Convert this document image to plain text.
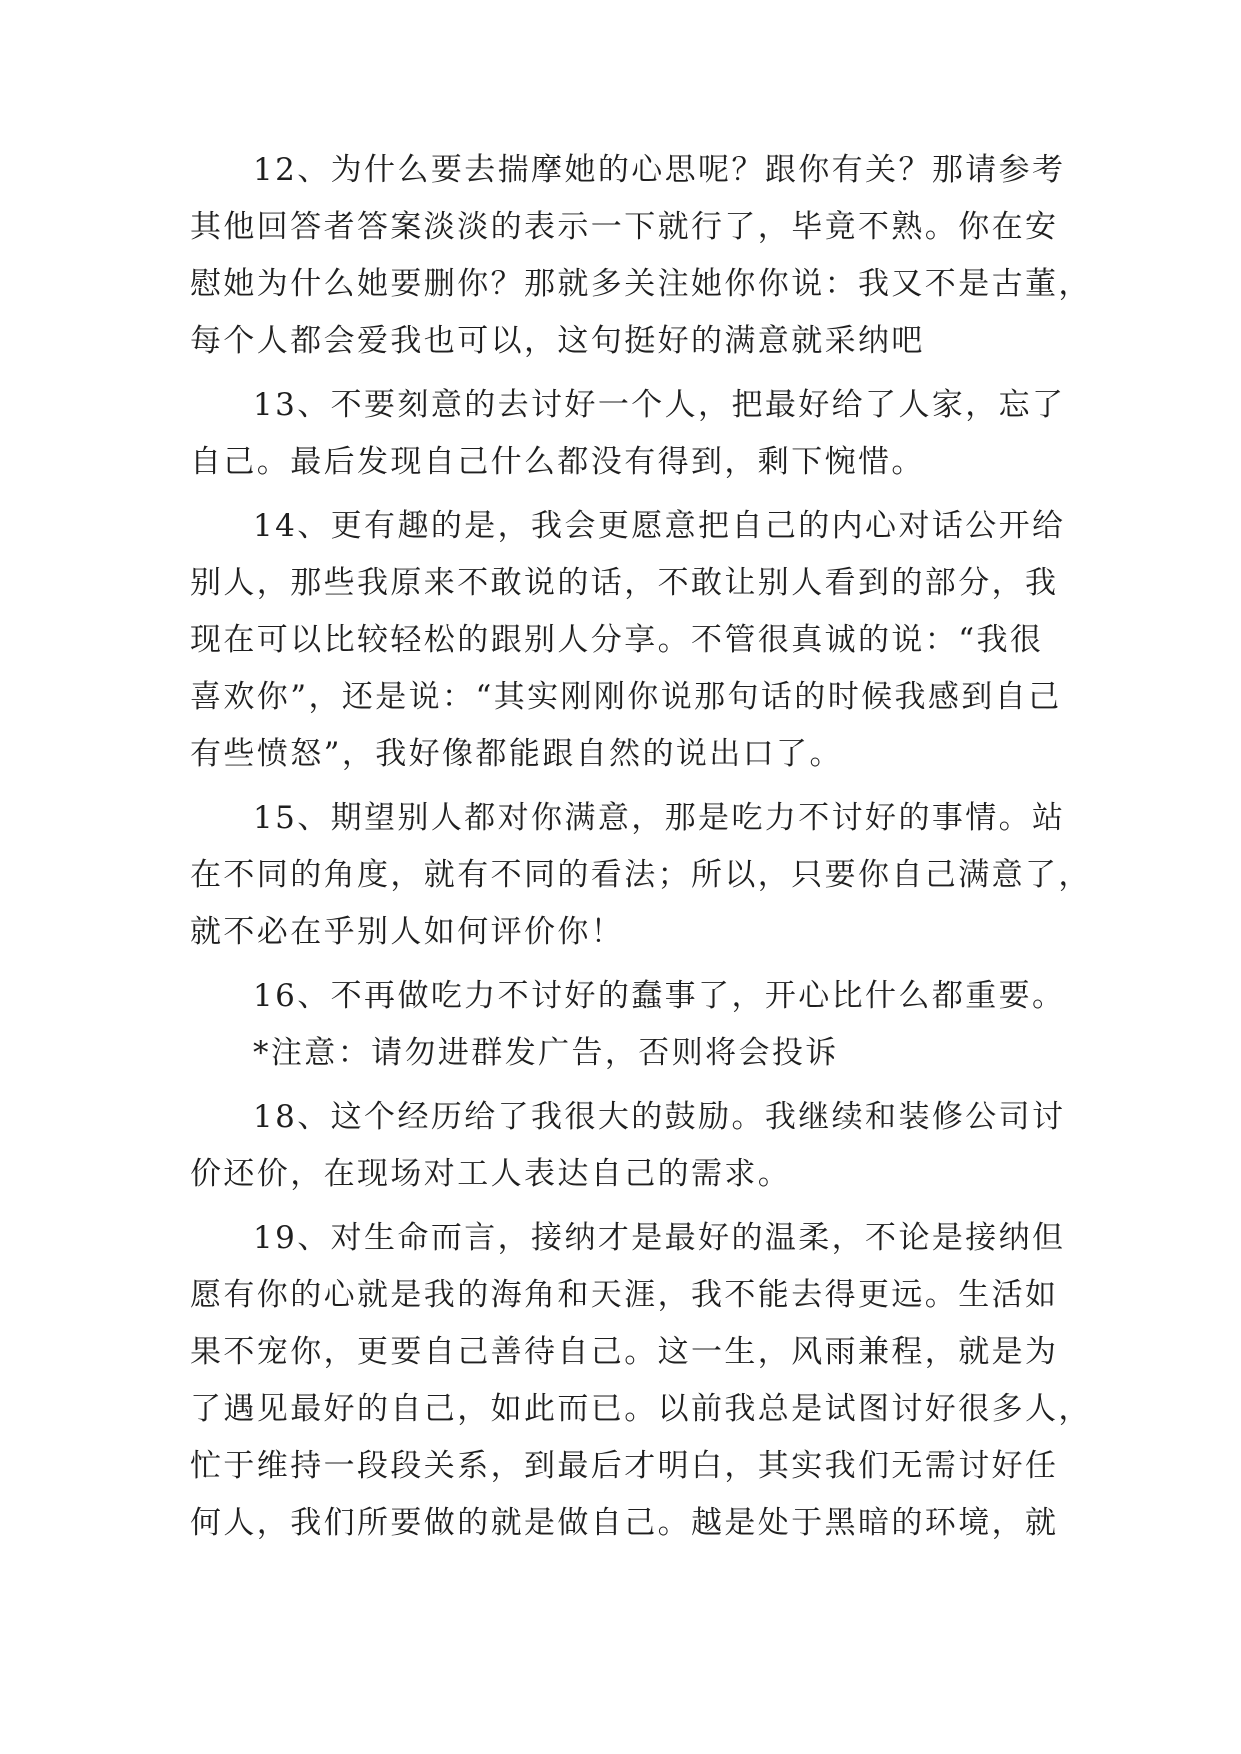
12、为什么要去揣摩她的心思呢？跟你有关？那请参考
其他回答者答案淡淡的表示一下就行了，毕竟不熟。你在安
慰她为什么她要删你？那就多关注她你你说：我又不是古董，
每个人都会爱我也可以，这句挺好的满意就采纳吧
13、不要刻意的去讨好一个人，把最好给了人家，忘了
自己。最后发现自己什么都没有得到，剩下惋惜。
14、更有趣的是，我会更愿意把自己的内心对话公开给
别人，那些我原来不敢说的话，不敢让别人看到的部分，我
现在可以比较轻松的跟别人分享。不管很真诚的说：“我很
喜欢你”，还是说：“其实刚刚你说那句话的时候我感到自己
有些愤怒”，我好像都能跟自然的说出口了。
15、期望别人都对你满意，那是吃力不讨好的事情。站
在不同的角度，就有不同的看法；所以，只要你自己满意了，
就不必在乎别人如何评价你！
16、不再做吃力不讨好的蠢事了，开心比什么都重要。
*注意：请勿进群发广告，否则将会投诉
18、这个经历给了我很大的鼓励。我继续和装修公司讨
价还价，在现场对工人表达自己的需求。
19、对生命而言，接纳才是最好的温柔，不论是接纳但
愿有你的心就是我的海角和天涯，我不能去得更远。生活如
果不宠你，更要自己善待自己。这一生，风雨兼程，就是为
了遇见最好的自己，如此而已。以前我总是试图讨好很多人，
忙于维持一段段关系，到最后才明白，其实我们无需讨好任
何人，我们所要做的就是做自己。越是处于黑暗的环境，就
